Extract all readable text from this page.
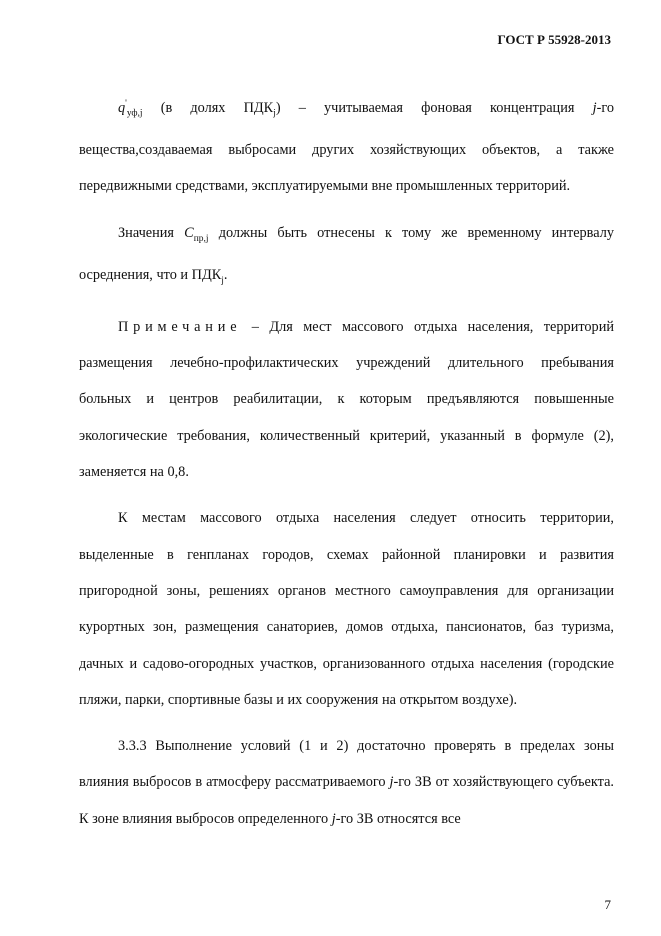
ГОСТ Р 55928-2013

$q'_{уф,j}$ (в долях $ПДК_j$) – учитываемая фоновая концентрация j-го вещества,создаваемая выбросами других хозяйствующих объектов, а также передвижными средствами, эксплуатируемыми вне промышленных территорий.

Значения $C_{пр,j}$ должны быть отнесены к тому же временному интервалу осреднения, что и $ПДК_j$.

Примечание – Для мест массового отдыха населения, территорий размещения лечебно-профилактических учреждений длительного пребывания больных и центров реабилитации, к которым предъявляются повышенные экологические требования, количественный критерий, указанный в формуле (2), заменяется на 0,8.

К местам массового отдыха населения следует относить территории, выделенные в генпланах городов, схемах районной планировки и развития пригородной зоны, решениях органов местного самоуправления для организации курортных зон, размещения санаториев, домов отдыха, пансионатов, баз туризма, дачных и садово-огородных участков, организованного отдыха населения (городские пляжи, парки, спортивные базы и их сооружения на открытом воздухе).

3.3.3 Выполнение условий (1 и 2) достаточно проверять в пределах зоны влияния выбросов в атмосферу рассматриваемого j-го ЗВ от хозяйствующего субъекта. К зоне влияния выбросов определенного j-го ЗВ относятся все

7
